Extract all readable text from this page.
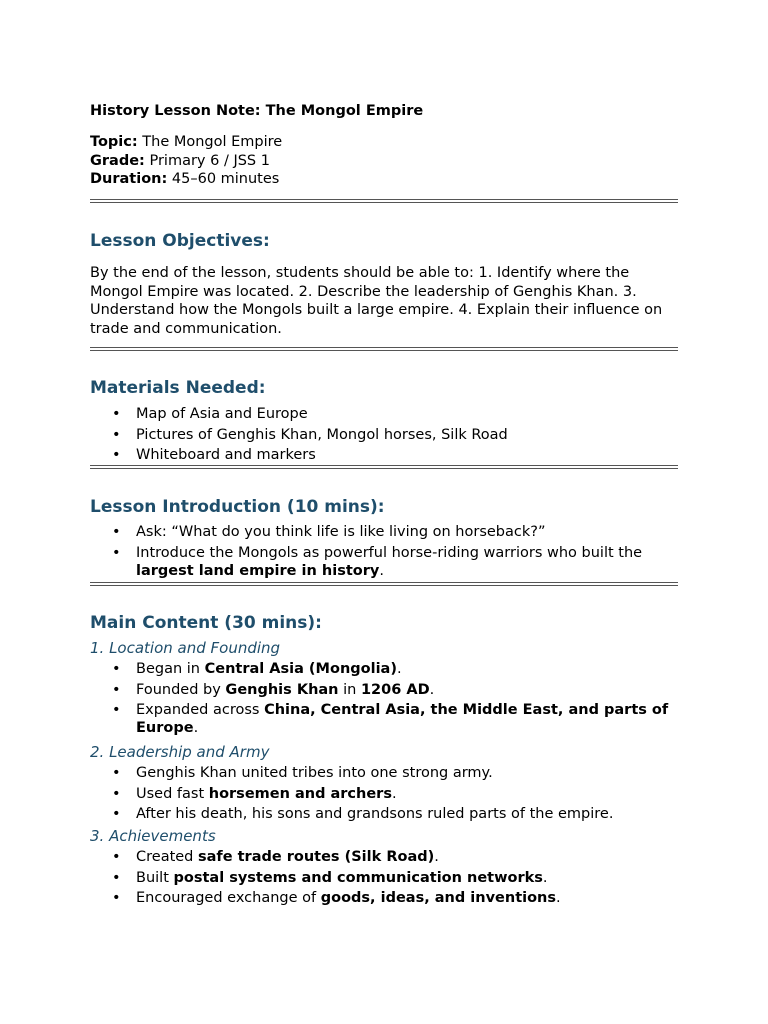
History Lesson Note: The Mongol Empire
Topic: The Mongol Empire
Grade: Primary 6 / JSS 1
Duration: 45–60 minutes
Lesson Objectives:
By the end of the lesson, students should be able to: 1. Identify where the Mongol Empire was located. 2. Describe the leadership of Genghis Khan. 3. Understand how the Mongols built a large empire. 4. Explain their influence on trade and communication.
Materials Needed:
• Map of Asia and Europe
• Pictures of Genghis Khan, Mongol horses, Silk Road
• Whiteboard and markers
Lesson Introduction (10 mins):
• Ask: “What do you think life is like living on horseback?”
• Introduce the Mongols as powerful horse-riding warriors who built the largest land empire in history.
Main Content (30 mins):
1. Location and Founding
• Began in Central Asia (Mongolia).
• Founded by Genghis Khan in 1206 AD.
• Expanded across China, Central Asia, the Middle East, and parts of Europe.
2. Leadership and Army
• Genghis Khan united tribes into one strong army.
• Used fast horsemen and archers.
• After his death, his sons and grandsons ruled parts of the empire.
3. Achievements
• Created safe trade routes (Silk Road).
• Built postal systems and communication networks.
• Encouraged exchange of goods, ideas, and inventions.
